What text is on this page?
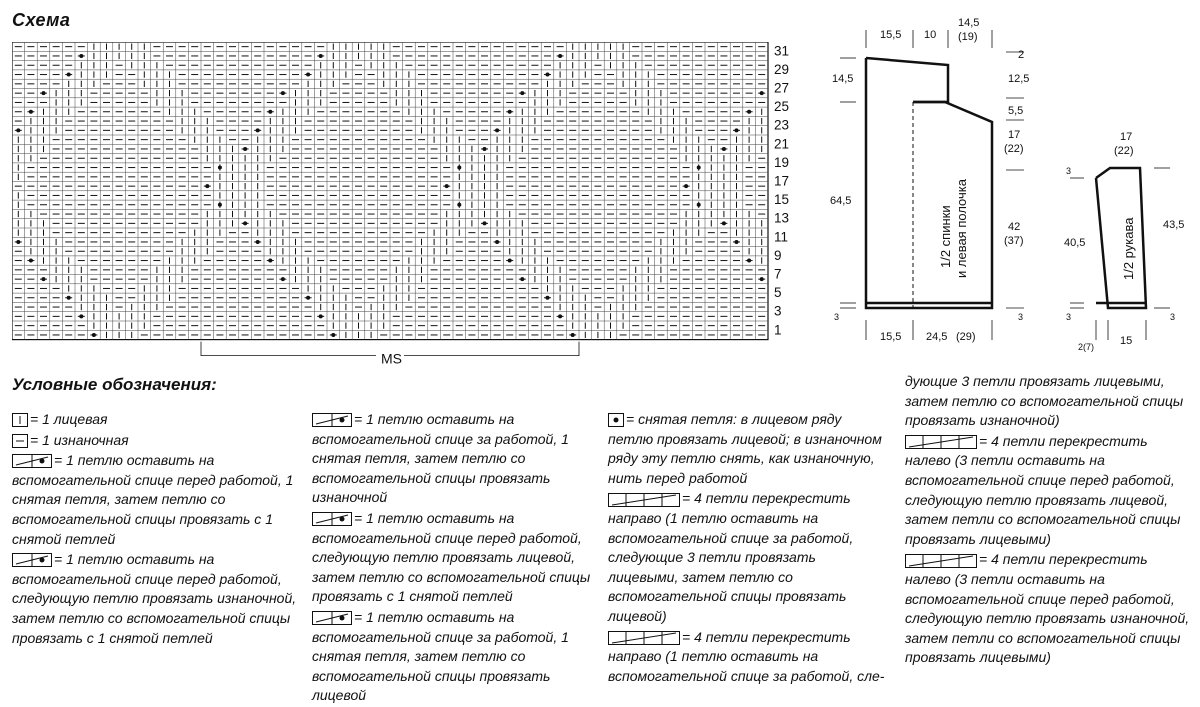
Схема
31
29
27
25
23
21
19
17
15
13
11
9
7
5
3
1
MS
15,5 10
14,5
(19)
14,5
64,5
3
2
12,5
5,5
17
(22)
42
(37)
3
15,5 24,5 (29)
1/2 спинки и левая полочка
17
(22)
3
40,5
3
2(7)
43,5
3
15
1/2 рукава
Условные обозначения:
= 1 лицевая
= 1 изнаночная
= 1 петлю оставить на вспомогательной спице перед работой, 1 снятая петля, затем петлю со вспомогательной спицы провязать с 1 снятой петлей
= 1 петлю оставить на вспомогательной спице перед работой, следующую петлю провязать изнаночной, затем петлю со вспомогательной спицы провязать с 1 снятой петлей
= 1 петлю оставить на вспомогательной спице за работой, 1 снятая петля, затем петлю со вспомогательной спицы провязать изнаночной
= 1 петлю оставить на вспомогательной спице перед работой, следующую петлю провязать лицевой, затем петлю со вспомогательной спицы провязать с 1 снятой петлей
= 1 петлю оставить на вспомогательной спице за работой, 1 снятая петля, затем петлю со вспомогательной спицы провязать лицевой
= снятая петля: в лицевом ряду петлю провязать лицевой; в изнаночном ряду эту петлю снять, как изнаночную, нить перед работой
= 4 петли перекрестить направо (1 петлю оставить на вспомогательной спице за работой, следующие 3 петли провязать лицевыми, затем петлю со вспомогательной спицы провязать лицевой)
= 4 петли перекрестить направо (1 петлю оставить на вспомогательной спице за работой, сле-
дующие 3 петли провязать лицевыми, затем петлю со вспомогательной спицы провязать изнаночной)
= 4 петли перекрестить налево (3 петли оставить на вспомогательной спице перед работой, следующую петлю провязать лицевой, затем петли со вспомогательной спицы провязать лицевыми)
= 4 петли перекрестить налево (3 петли оставить на вспомогательной спице перед работой, следующую петлю провязать изнаночной, затем петли со вспомогательной спицы провязать лицевыми)
